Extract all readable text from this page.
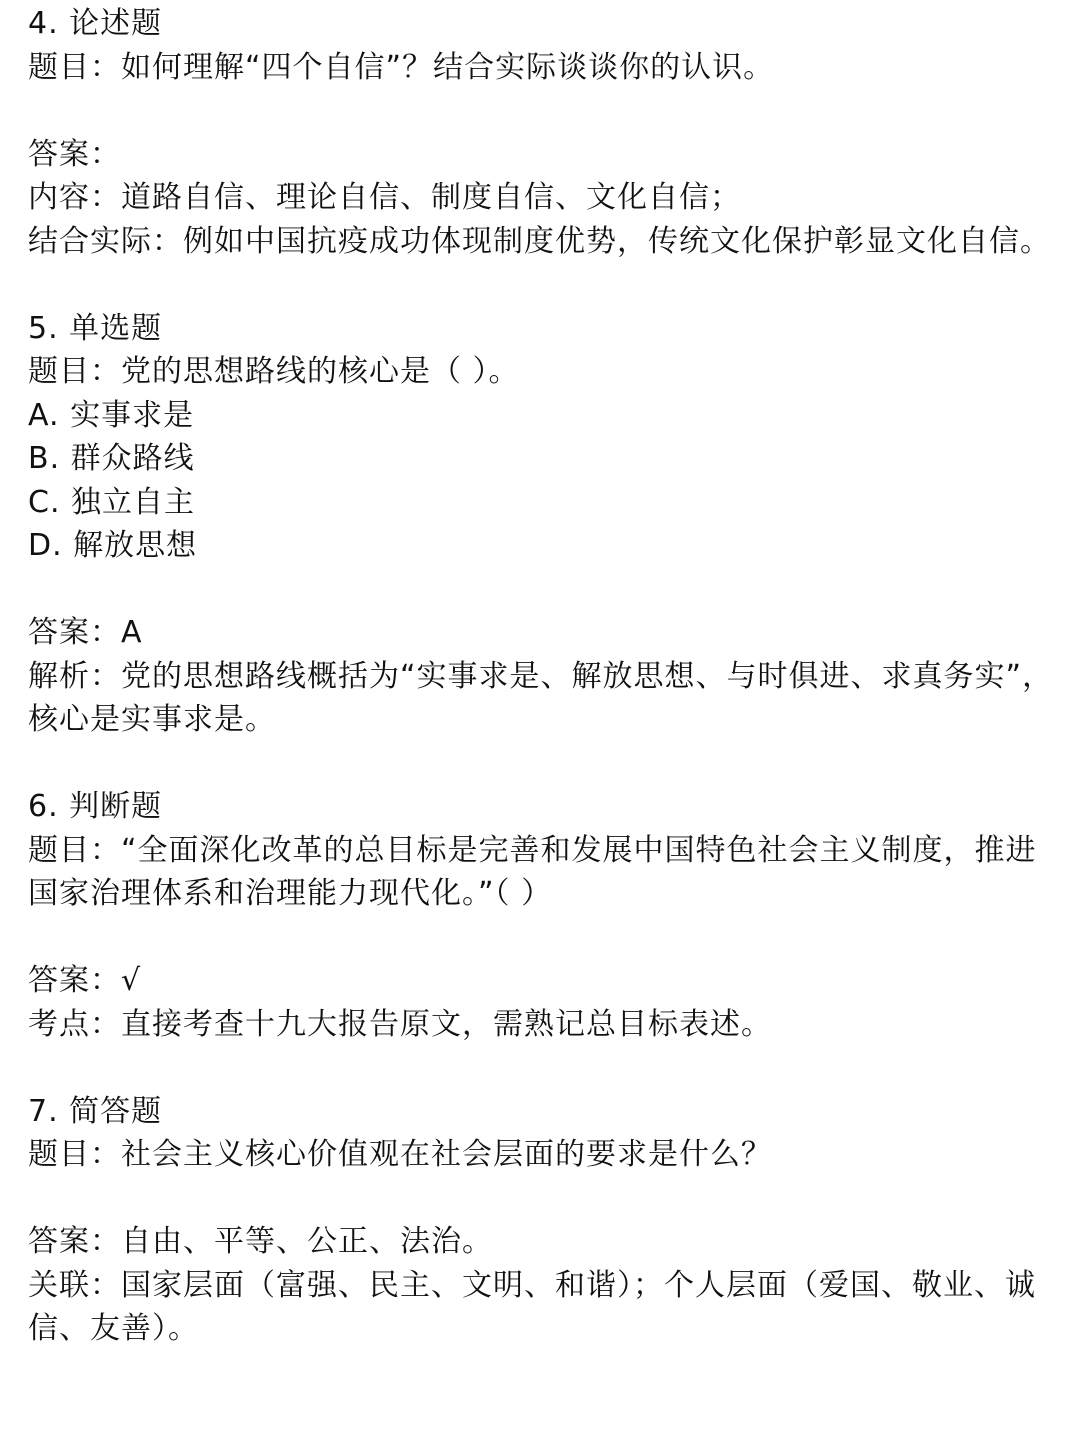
4. 论述题
题目：如何理解“四个自信”？结合实际谈谈你的认识。
答案：
内容：道路自信、理论自信、制度自信、文化自信；
结合实际：例如中国抗疫成功体现制度优势，传统文化保护彰显文化自信。
5. 单选题
题目：党的思想路线的核心是（ ）。
A. 实事求是
B. 群众路线
C. 独立自主
D. 解放思想
答案：A
解析：党的思想路线概括为“实事求是、解放思想、与时俱进、求真务实”，核心是实事求是。
6. 判断题
题目：“全面深化改革的总目标是完善和发展中国特色社会主义制度，推进国家治理体系和治理能力现代化。”（ ）
答案：√
考点：直接考查十九大报告原文，需熟记总目标表述。
7. 简答题
题目：社会主义核心价值观在社会层面的要求是什么？
答案：自由、平等、公正、法治。
关联：国家层面（富强、民主、文明、和谐）；个人层面（爱国、敬业、诚信、友善）。
